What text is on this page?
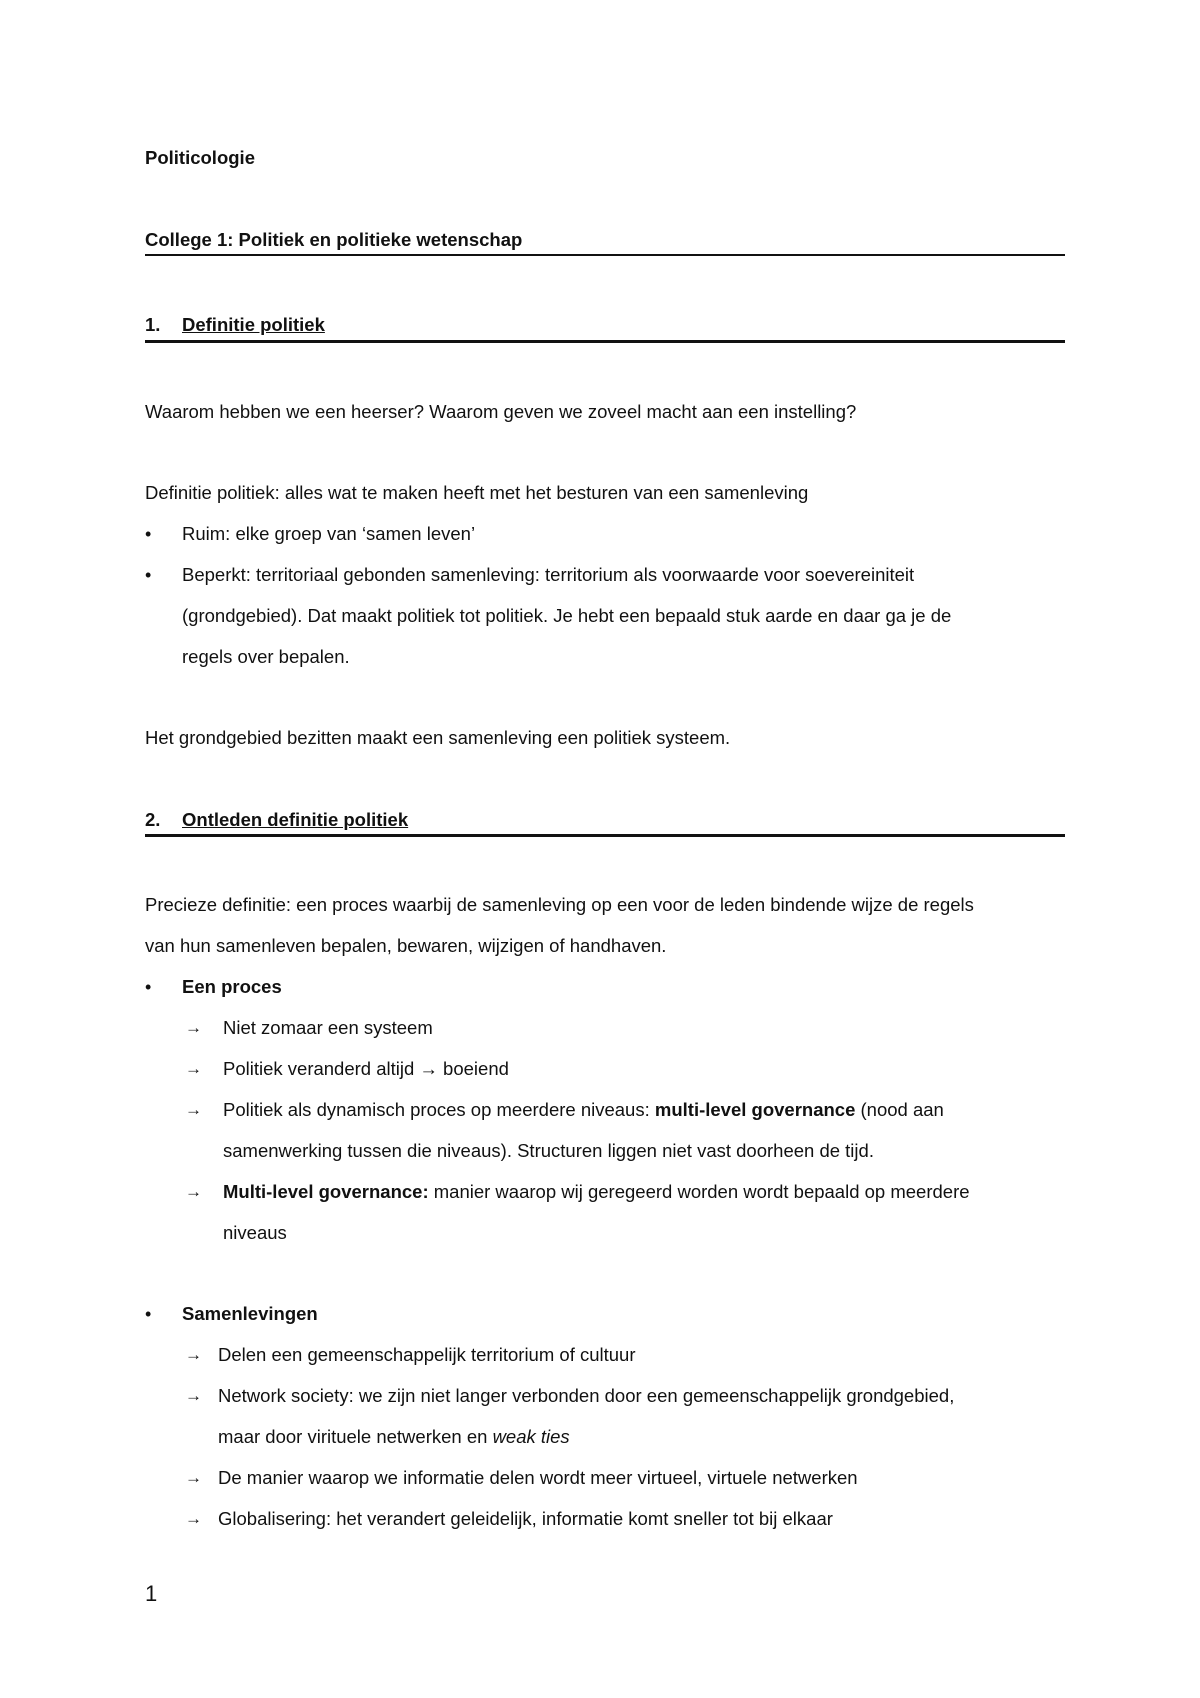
Politicologie
College 1: Politiek en politieke wetenschap
1. Definitie politiek
Waarom hebben we een heerser? Waarom geven we zoveel macht aan een instelling?
Definitie politiek: alles wat te maken heeft met het besturen van een samenleving
• Ruim: elke groep van ‘samen leven’
• Beperkt: territoriaal gebonden samenleving: territorium als voorwaarde voor soevereiniteit
(grondgebied). Dat maakt politiek tot politiek. Je hebt een bepaald stuk aarde en daar ga je de
regels over bepalen.
Het grondgebied bezitten maakt een samenleving een politiek systeem.
2. Ontleden definitie politiek
Precieze definitie: een proces waarbij de samenleving op een voor de leden bindende wijze de regels
van hun samenleven bepalen, bewaren, wijzigen of handhaven.
• Een proces
→ Niet zomaar een systeem
→ Politiek veranderd altijd → boeiend
→ Politiek als dynamisch proces op meerdere niveaus: multi-level governance (nood aan
samenwerking tussen die niveaus). Structuren liggen niet vast doorheen de tijd.
→ Multi-level governance: manier waarop wij geregeerd worden wordt bepaald op meerdere
niveaus
• Samenlevingen
→ Delen een gemeenschappelijk territorium of cultuur
→ Network society: we zijn niet langer verbonden door een gemeenschappelijk grondgebied,
maar door virituele netwerken en weak ties
→ De manier waarop we informatie delen wordt meer virtueel, virtuele netwerken
→ Globalisering: het verandert geleidelijk, informatie komt sneller tot bij elkaar
1
